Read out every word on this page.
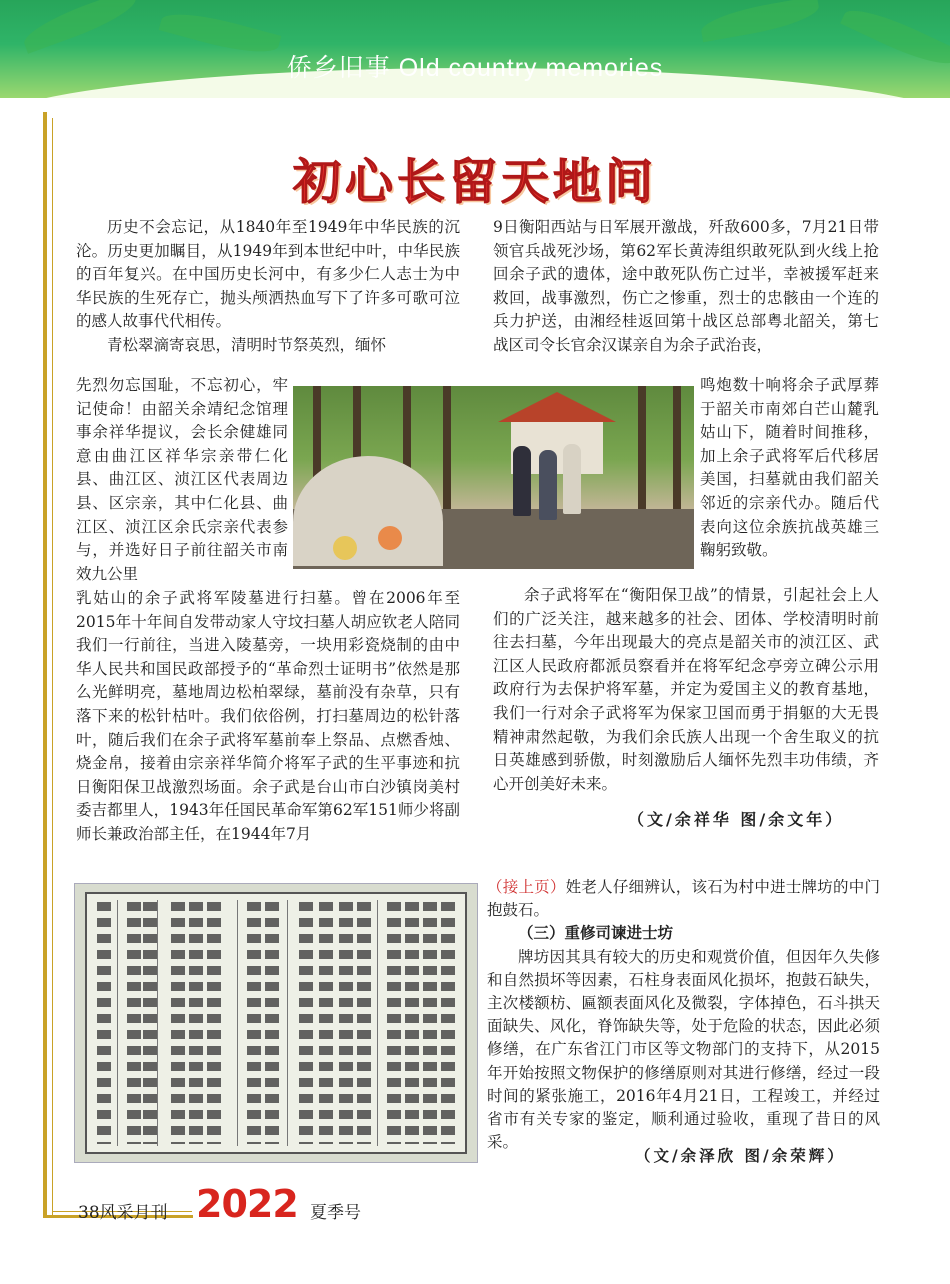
侨乡旧事 Old country memories
初心长留天地间

历史不会忘记，从1840年至1949年中华民族的沉沦。历史更加瞩目，从1949年到本世纪中叶，中华民族的百年复兴。在中国历史长河中，有多少仁人志士为中华民族的生死存亡，抛头颅洒热血写下了许多可歌可泣的感人故事代代相传。

青松翠滴寄哀思，清明时节祭英烈，缅怀

先烈勿忘国耻，不忘初心，牢记使命！由韶关余靖纪念馆理事余祥华提议，会长余健雄同意由曲江区祥华宗亲带仁化县、曲江区、浈江区代表周边县、区宗亲，其中仁化县、曲江区、浈江区余氏宗亲代表参与，并选好日子前往韶关市南效九公里

乳姑山的余子武将军陵墓进行扫墓。曾在2006年至2015年十年间自发带动家人守坟扫墓人胡应钦老人陪同我们一行前往，当进入陵墓旁，一块用彩瓷烧制的由中华人民共和国民政部授予的“革命烈士证明书”依然是那么光鲜明亮，墓地周边松柏翠绿，墓前没有杂草，只有落下来的松针枯叶。我们依俗例，打扫墓周边的松针落叶，随后我们在余子武将军墓前奉上祭品、点燃香烛、烧金帛，接着由宗亲祥华简介将军子武的生平事迹和抗日衡阳保卫战激烈场面。余子武是台山市白沙镇岗美村委吉都里人，1943年任国民革命军第62军151师少将副师长兼政治部主任，在1944年7月

9日衡阳西站与日军展开激战，歼敌600多，7月21日带领官兵战死沙场，第62军长黄涛组织敢死队到火线上抢回余子武的遗体，途中敢死队伤亡过半，幸被援军赶来救回，战事激烈，伤亡之惨重，烈士的忠骸由一个连的兵力护送，由湘经桂返回第十战区总部粤北韶关，第七战区司令长官余汉谋亲自为余子武治丧，

鸣炮数十响将余子武厚葬于韶关市南郊白芒山麓乳姑山下，随着时间推移，加上余子武将军后代移居美国，扫墓就由我们韶关邻近的宗亲代办。随后代表向这位余族抗战英雄三鞠躬致敬。

余子武将军在“衡阳保卫战”的情景，引起社会上人们的广泛关注，越来越多的社会、团体、学校清明时前往去扫墓，今年出现最大的亮点是韶关市的浈江区、武江区人民政府都派员察看并在将军纪念亭旁立碑公示用政府行为去保护将军墓，并定为爱国主义的教育基地，我们一行对余子武将军为保家卫国而勇于捐躯的大无畏精神肃然起敬，为我们余氏族人出现一个舍生取义的抗日英雄感到骄傲，时刻激励后人缅怀先烈丰功伟绩，齐心开创美好未来。

（文/余祥华 图/余文年）

（接上页）姓老人仔细辨认，该石为村中进士牌坊的中门抱鼓石。

（三）重修司谏进士坊

牌坊因其具有较大的历史和观赏价值，但因年久失修和自然损坏等因素，石柱身表面风化损坏，抱鼓石缺失，主次楼额枋、匾额表面风化及微裂，字体掉色，石斗拱天面缺失、风化，脊饰缺失等，处于危险的状态，因此必须修缮，在广东省江门市区等文物部门的支持下，从2015年开始按照文物保护的修缮原则对其进行修缮，经过一段时间的紧张施工，2016年4月21日，工程竣工，并经过省市有关专家的鉴定，顺利通过验收，重现了昔日的风采。

（文/余泽欣 图/余荣辉）
38风采月刊 2022 夏季号
